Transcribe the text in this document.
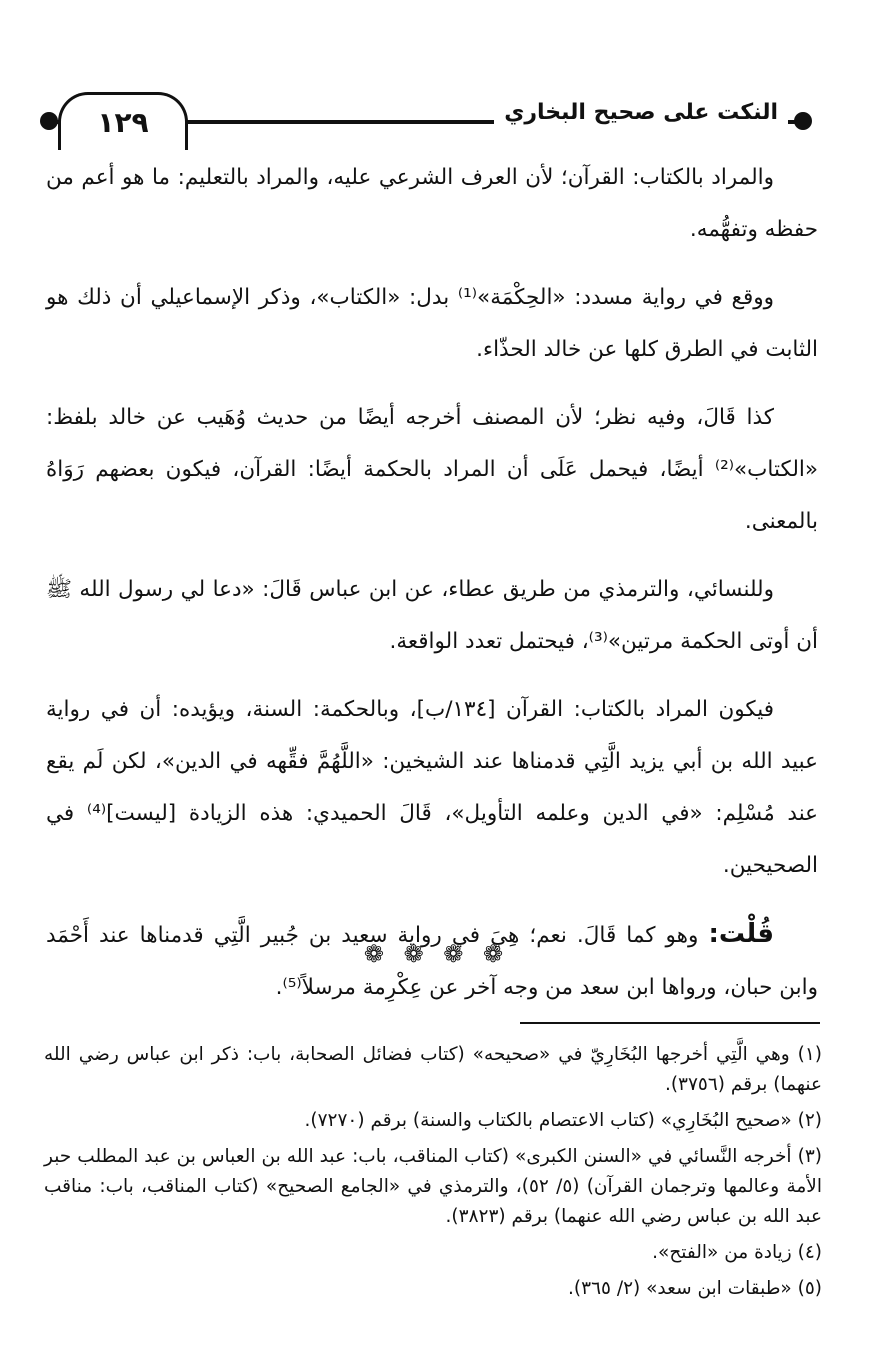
١٢٩	النكت على صحيح البخاري

والمراد بالكتاب: القرآن؛ لأن العرف الشرعي عليه، والمراد بالتعليم: ما هو أعم من حفظه وتفهُّمه.

ووقع في رواية مسدد: «الحِكْمَة»⁽¹⁾ بدل: «الكتاب»، وذكر الإسماعيلي أن ذلك هو الثابت في الطرق كلها عن خالد الحذّاء.

كذا قَالَ، وفيه نظر؛ لأن المصنف أخرجه أيضًا من حديث وُهَيب عن خالد بلفظ: «الكتاب»⁽²⁾ أيضًا، فيحمل عَلَى أن المراد بالحكمة أيضًا: القرآن، فيكون بعضهم رَوَاهُ بالمعنى.

وللنسائي، والترمذي من طريق عطاء، عن ابن عباس قَالَ: «دعا لي رسول الله ﷺ أن أوتى الحكمة مرتين»⁽³⁾، فيحتمل تعدد الواقعة.

فيكون المراد بالكتاب: القرآن [١٣٤/ب]، وبالحكمة: السنة، ويؤيده: أن في رواية عبيد الله بن أبي يزيد الَّتِي قدمناها عند الشيخين: «اللَّهُمَّ فقِّهه في الدين»، لكن لَم يقع عند مُسْلِم: «في الدين وعلمه التأويل»، قَالَ الحميدي: هذه الزيادة [ليست]⁽⁴⁾ في الصحيحين.

قُلْت: وهو كما قَالَ. نعم؛ هِيَ في رواية سعيد بن جُبير الَّتِي قدمناها عند أَحْمَد وابن حبان، ورواها ابن سعد من وجه آخر عن عِكْرِمة مرسلاً⁽⁵⁾.

❁ ❁ ❁ ❁
(١) وهي الَّتِي أخرجها البُخَارِيّ في «صحيحه» (كتاب فضائل الصحابة، باب: ذكر ابن عباس رضي الله عنهما) برقم (٣٧٥٦).
(٢) «صحيح البُخَارِي» (كتاب الاعتصام بالكتاب والسنة) برقم (٧٢٧٠).
(٣) أخرجه النَّسائي في «السنن الكبرى» (كتاب المناقب، باب: عبد الله بن العباس بن عبد المطلب حبر الأمة وعالمها وترجمان القرآن) (٥/ ٥٢)، والترمذي في «الجامع الصحيح» (كتاب المناقب، باب: مناقب عبد الله بن عباس رضي الله عنهما) برقم (٣٨٢٣).
(٤) زيادة من «الفتح».
(٥) «طبقات ابن سعد» (٢/ ٣٦٥).
